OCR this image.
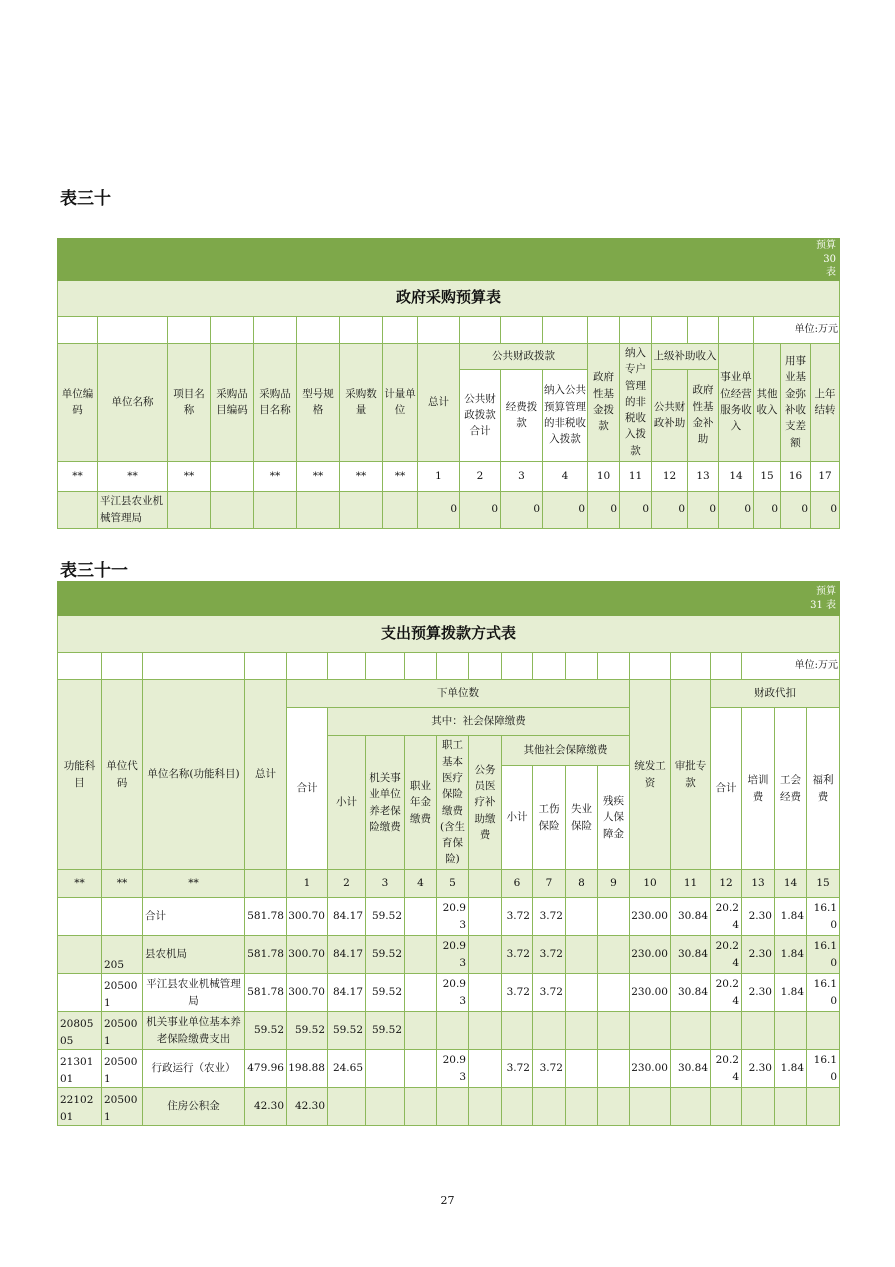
表三十
																			预算 30 表
政府采购预算表																			
																	单位:万元		
单位编码	单位名称	项目名称	采购品目编码	采购品目名称	型号规格	采购数量	计量单位	总计	公共财政拨款			政府性基金拨款	纳入专户管理的非税收入拨款	上级补助收入		事业单位经营服务收入	其他收入	用事业基金弥补收支差额	上年结转
									公共财政拨款合计	经费拨款	纳入公共预算管理的非税收入拨款			公共财政补助	政府性基金补助				
**	**	**		**	**	**	**	1	2	3	4	10	11	12	13	14	15	16	17
	平江县农业机械管理局							0	0	0	0	0	0	0	0	0	0	0	0
表三十一
																			预算
31 表
支出预算拨款方式表																			
																	单位:万元		
功能科目	单位代码	单位名称(功能科目)	总计	下单位数										统发工资	审批专款	财政代扣			
				合计	其中：社会保障缴费											合计	培训费	工会经费	福利费
					小计	机关事业单位养老保险缴费	职业年金缴费	职工基本医疗保险缴费(含生育保险)	公务员医疗补助缴费	其他社会保障缴费									
										小计	工伤保险	失业保险	残疾人保障金						
**	**	**		1	2	3	4	5		6	7	8	9	10	11	12	13	14	15
		合计	581.78	300.70	84.17	59.52		20.93		3.72	3.72			230.00	30.84	20.24	2.30	1.84	16.10
	205	县农机局	581.78	300.70	84.17	59.52		20.93		3.72	3.72			230.00	30.84	20.24	2.30	1.84	16.10
	205001	平江县农业机械管理局	581.78	300.70	84.17	59.52		20.93		3.72	3.72			230.00	30.84	20.24	2.30	1.84	16.10
2080505	205001	机关事业单位基本养老保险缴费支出	59.52	59.52	59.52	59.52													
2130101	205001	行政运行（农业）	479.96	198.88	24.65			20.93		3.72	3.72			230.00	30.84	20.24	2.30	1.84	16.10
2210201	205001	住房公积金	42.30	42.30															
27
